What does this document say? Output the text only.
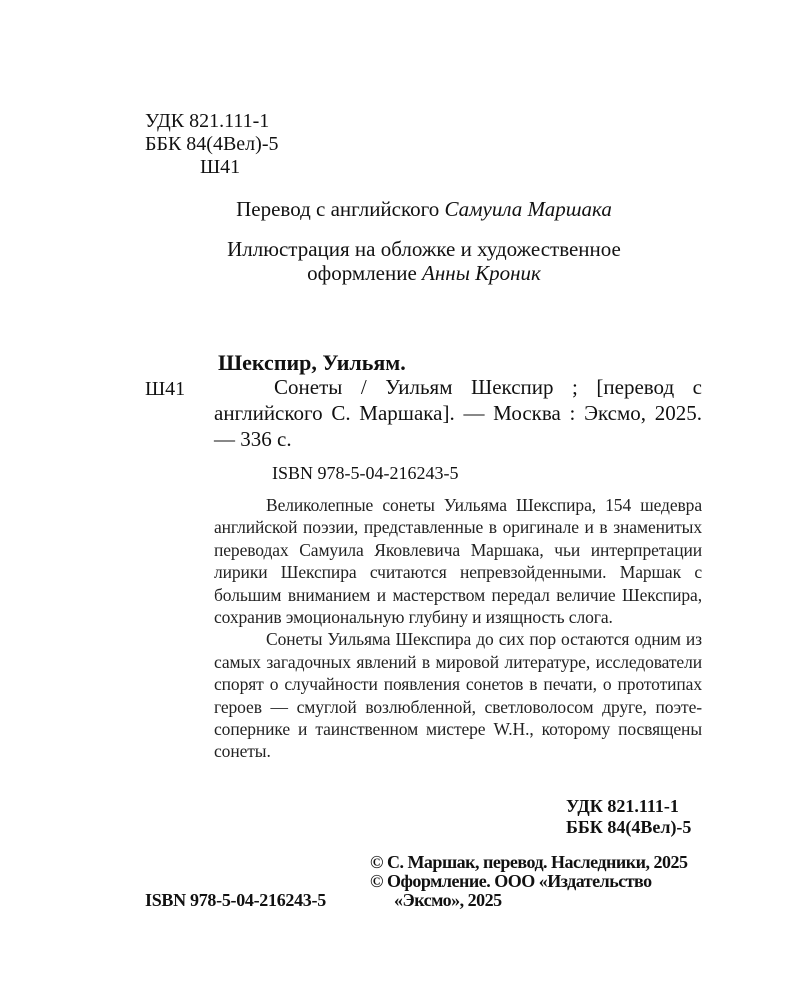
УДК 821.111-1
ББК 84(4Вел)-5
Ш41
Перевод с английского Самуила Маршака
Иллюстрация на обложке и художественное
оформление Анны Кроник
Шекспир, Уильям.
Ш41	Сонеты / Уильям Шекспир ; [перевод с английского С. Маршака]. — Москва : Эксмо, 2025. — 336 с.

ISBN 978-5-04-216243-5

Великолепные сонеты Уильяма Шекспира, 154 шедевра английской поэзии, представленные в оригинале и в знаменитых переводах Самуила Яковлевича Маршака, чьи интерпретации лирики Шекспира считаются непревзойденными. Маршак с большим вниманием и мастерством передал величие Шекспира, сохранив эмоциональную глубину и изящность слога.

Сонеты Уильяма Шекспира до сих пор остаются одним из самых загадочных явлений в мировой литературе, исследователи спорят о случайности появления сонетов в печати, о прототипах героев — смуглой возлюбленной, светловолосом друге, поэте-сопернике и таинственном мистере W.H., которому посвящены сонеты.

УДК 821.111-1
ББК 84(4Вел)-5
© С. Маршак, перевод. Наследники, 2025
© Оформление. ООО «Издательство
«Эксмо», 2025
ISBN 978-5-04-216243-5
